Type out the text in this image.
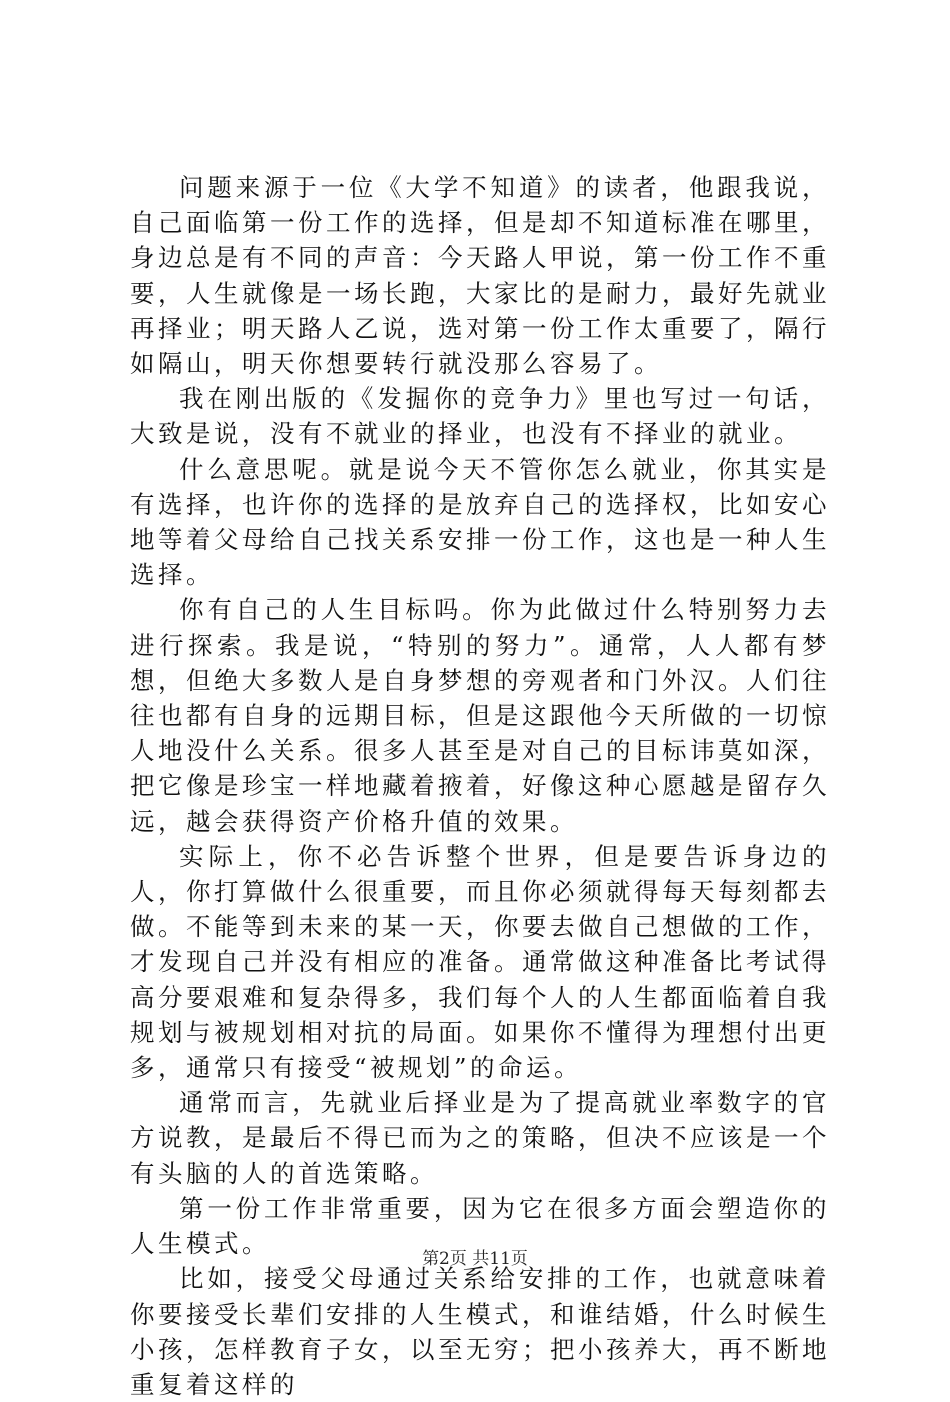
问题来源于一位《大学不知道》的读者，他跟我说，自己面临第一份工作的选择，但是却不知道标准在哪里，身边总是有不同的声音：今天路人甲说，第一份工作不重要，人生就像是一场长跑，大家比的是耐力，最好先就业再择业；明天路人乙说，选对第一份工作太重要了，隔行如隔山，明天你想要转行就没那么容易了。

我在刚出版的《发掘你的竞争力》里也写过一句话，大致是说，没有不就业的择业，也没有不择业的就业。

什么意思呢。就是说今天不管你怎么就业，你其实是有选择，也许你的选择的是放弃自己的选择权，比如安心地等着父母给自己找关系安排一份工作，这也是一种人生选择。

你有自己的人生目标吗。你为此做过什么特别努力去进行探索。我是说，“特别的努力”。通常，人人都有梦想，但绝大多数人是自身梦想的旁观者和门外汉。人们往往也都有自身的远期目标，但是这跟他今天所做的一切惊人地没什么关系。很多人甚至是对自己的目标讳莫如深，把它像是珍宝一样地藏着掖着，好像这种心愿越是留存久远，越会获得资产价格升值的效果。

实际上，你不必告诉整个世界，但是要告诉身边的人，你打算做什么很重要，而且你必须就得每天每刻都去做。不能等到未来的某一天，你要去做自己想做的工作，才发现自己并没有相应的准备。通常做这种准备比考试得高分要艰难和复杂得多，我们每个人的人生都面临着自我规划与被规划相对抗的局面。如果你不懂得为理想付出更多，通常只有接受“被规划”的命运。

通常而言，先就业后择业是为了提高就业率数字的官方说教，是最后不得已而为之的策略，但决不应该是一个有头脑的人的首选策略。

第一份工作非常重要，因为它在很多方面会塑造你的人生模式。

比如，接受父母通过关系给安排的工作，也就意味着你要接受长辈们安排的人生模式，和谁结婚，什么时候生小孩，怎样教育子女，以至无穷；把小孩养大，再不断地重复着这样的

第2页 共11页
